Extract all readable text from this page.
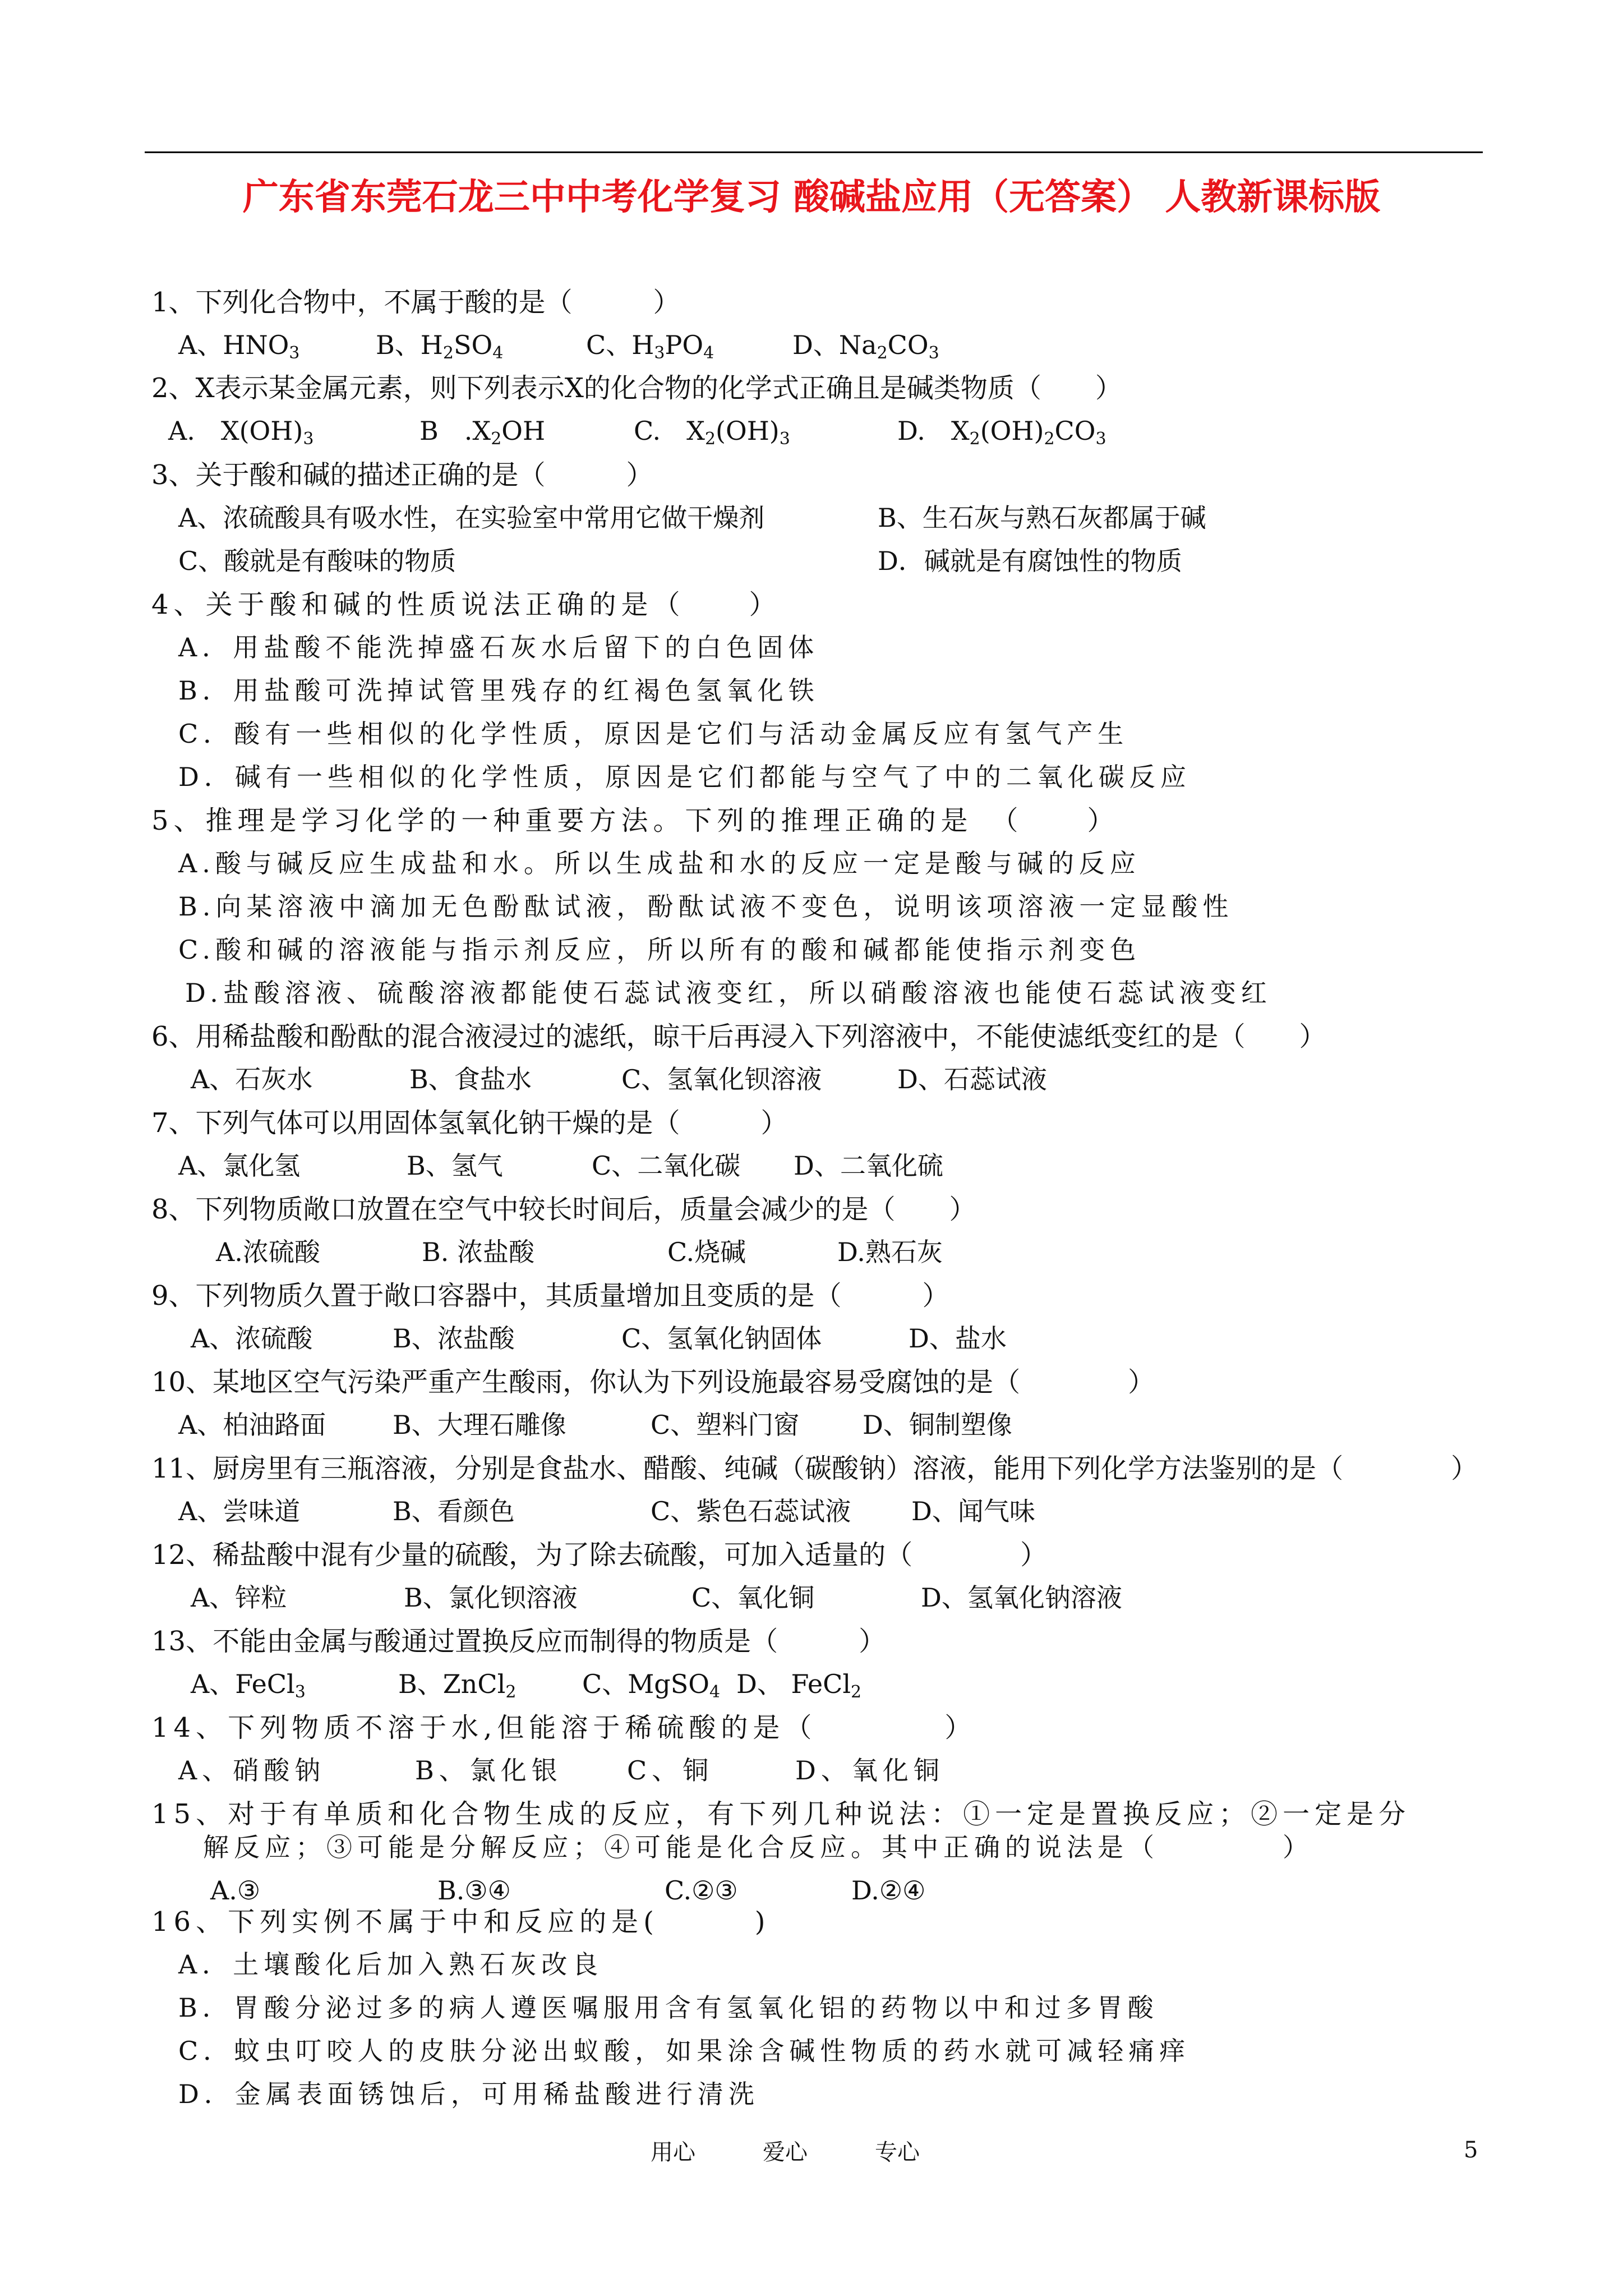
广东省东莞石龙三中中考化学复习 酸碱盐应用（无答案） 人教新课标版
1、下列化合物中，不属于酸的是（　　　）
A、$HNO_3$	B、$H_2SO_4$	C、$H_3PO_4$	D、$Na_2CO_3$
2、X表示某金属元素，则下列表示X的化合物的化学式正确且是碱类物质（　　）
A.　$X(OH)_3$	B　$.X_2OH$	C.　$X_2(OH)_3$	D.　$X_2(OH)_2CO_3$
3、关于酸和碱的描述正确的是（　　　）
A、浓硫酸具有吸水性，在实验室中常用它做干燥剂	B、生石灰与熟石灰都属于碱
C、酸就是有酸味的物质	D．碱就是有腐蚀性的物质
4、关于酸和碱的性质说法正确的是（　　）
A．用盐酸不能洗掉盛石灰水后留下的白色固体
B．用盐酸可洗掉试管里残存的红褐色氢氧化铁
C．酸有一些相似的化学性质，原因是它们与活动金属反应有氢气产生
D．碱有一些相似的化学性质，原因是它们都能与空气了中的二氧化碳反应
5、推理是学习化学的一种重要方法。下列的推理正确的是　（　　）
A.酸与碱反应生成盐和水。所以生成盐和水的反应一定是酸与碱的反应
B.向某溶液中滴加无色酚酞试液，酚酞试液不变色，说明该项溶液一定显酸性
C.酸和碱的溶液能与指示剂反应，所以所有的酸和碱都能使指示剂变色
D.盐酸溶液、硫酸溶液都能使石蕊试液变红，所以硝酸溶液也能使石蕊试液变红
6、用稀盐酸和酚酞的混合液浸过的滤纸，晾干后再浸入下列溶液中，不能使滤纸变红的是（　　）
A、石灰水	B、食盐水	C、氢氧化钡溶液	D、石蕊试液
7、下列气体可以用固体氢氧化钠干燥的是（　　　）
A、氯化氢	B、氢气	C、二氧化碳 D、二氧化硫
8、下列物质敞口放置在空气中较长时间后，质量会减少的是（　　）
A.浓硫酸	B. 浓盐酸	C.烧碱	D.熟石灰
9、下列物质久置于敞口容器中，其质量增加且变质的是（　　　）
A、浓硫酸	B、浓盐酸	C、氢氧化钠固体	D、盐水
10、某地区空气污染严重产生酸雨，你认为下列设施最容易受腐蚀的是（　　　　）
A、柏油路面	B、大理石雕像	C、塑料门窗 D、铜制塑像
11、厨房里有三瓶溶液，分别是食盐水、醋酸、纯碱（碳酸钠）溶液，能用下列化学方法鉴别的是（　　　　）
A、尝味道	B、看颜色	C、紫色石蕊试液 D、闻气味
12、稀盐酸中混有少量的硫酸，为了除去硫酸，可加入适量的（　　　　）
A、锌粒	B、氯化钡溶液	C、氧化铜	D、氢氧化钠溶液
13、不能由金属与酸通过置换反应而制得的物质是（　　　）
A、FeCl$_3$	B、ZnCl$_2$	C、MgSO$_4$ D、 FeCl$_2$
14、下列物质不溶于水,但能溶于稀硫酸的是（　　　　）
A、硝酸钠	B、氯化银	C、铜	D、氧化铜
15、对于有单质和化合物生成的反应，有下列几种说法：①一定是置换反应；②一定是分
解反应；③可能是分解反应；④可能是化合反应。其中正确的说法是（　　　　）
A.③	B.③④	C.②③	D.②④
16、下列实例不属于中和反应的是(　　　)
A．土壤酸化后加入熟石灰改良
B．胃酸分泌过多的病人遵医嘱服用含有氢氧化铝的药物以中和过多胃酸
C．蚊虫叮咬人的皮肤分泌出蚁酸，如果涂含碱性物质的药水就可减轻痛痒
D．金属表面锈蚀后，可用稀盐酸进行清洗
用心	爱心	专心	5
